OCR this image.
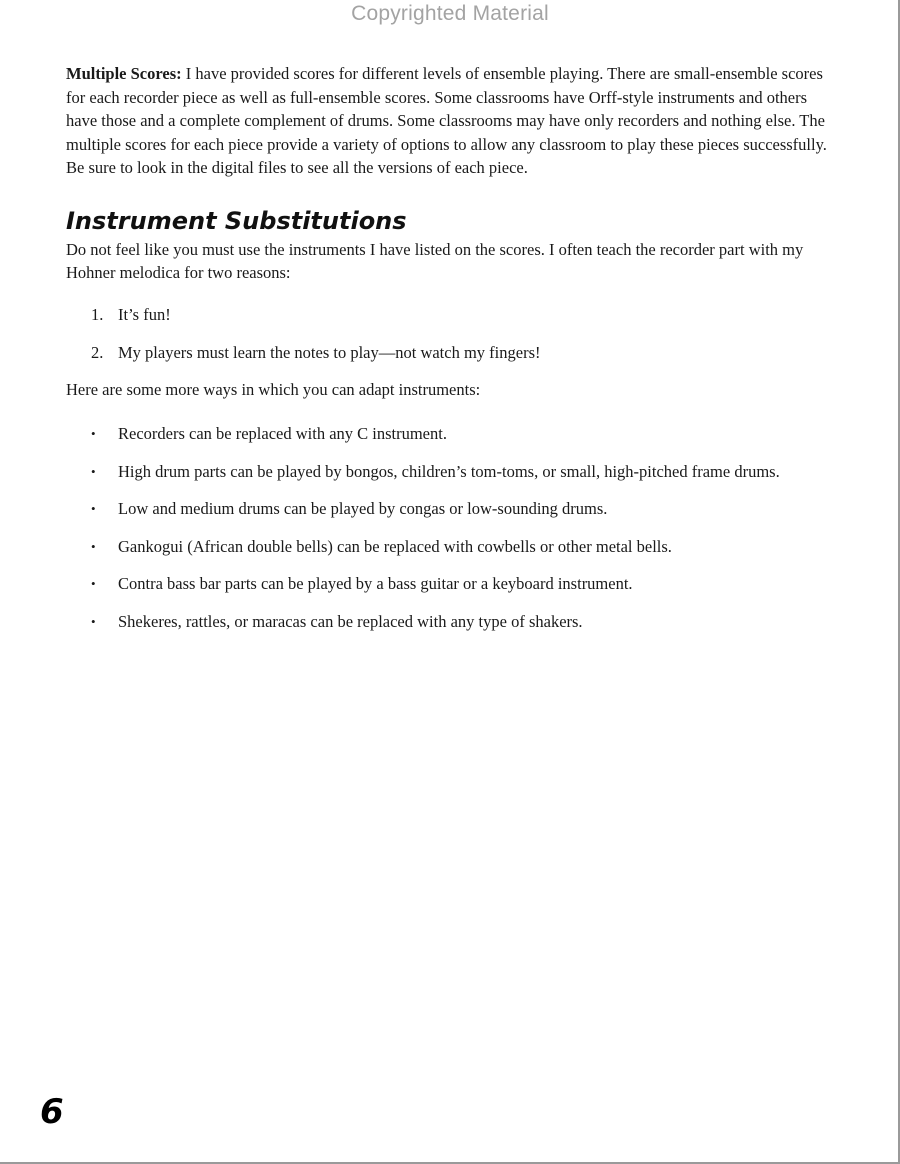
Copyrighted Material

Multiple Scores: I have provided scores for different levels of ensemble playing. There are small-ensemble scores for each recorder piece as well as full-ensemble scores. Some classrooms have Orff-style instruments and others have those and a complete complement of drums. Some classrooms may have only recorders and nothing else. The multiple scores for each piece provide a variety of options to allow any classroom to play these pieces successfully. Be sure to look in the digital files to see all the versions of each piece.

Instrument Substitutions

Do not feel like you must use the instruments I have listed on the scores. I often teach the recorder part with my Hohner melodica for two reasons:

1. It’s fun!
2. My players must learn the notes to play—not watch my fingers!

Here are some more ways in which you can adapt instruments:

• Recorders can be replaced with any C instrument.
• High drum parts can be played by bongos, children’s tom-toms, or small, high-pitched frame drums.
• Low and medium drums can be played by congas or low-sounding drums.
• Gankogui (African double bells) can be replaced with cowbells or other metal bells.
• Contra bass bar parts can be played by a bass guitar or a keyboard instrument.
• Shekeres, rattles, or maracas can be replaced with any type of shakers.
6
